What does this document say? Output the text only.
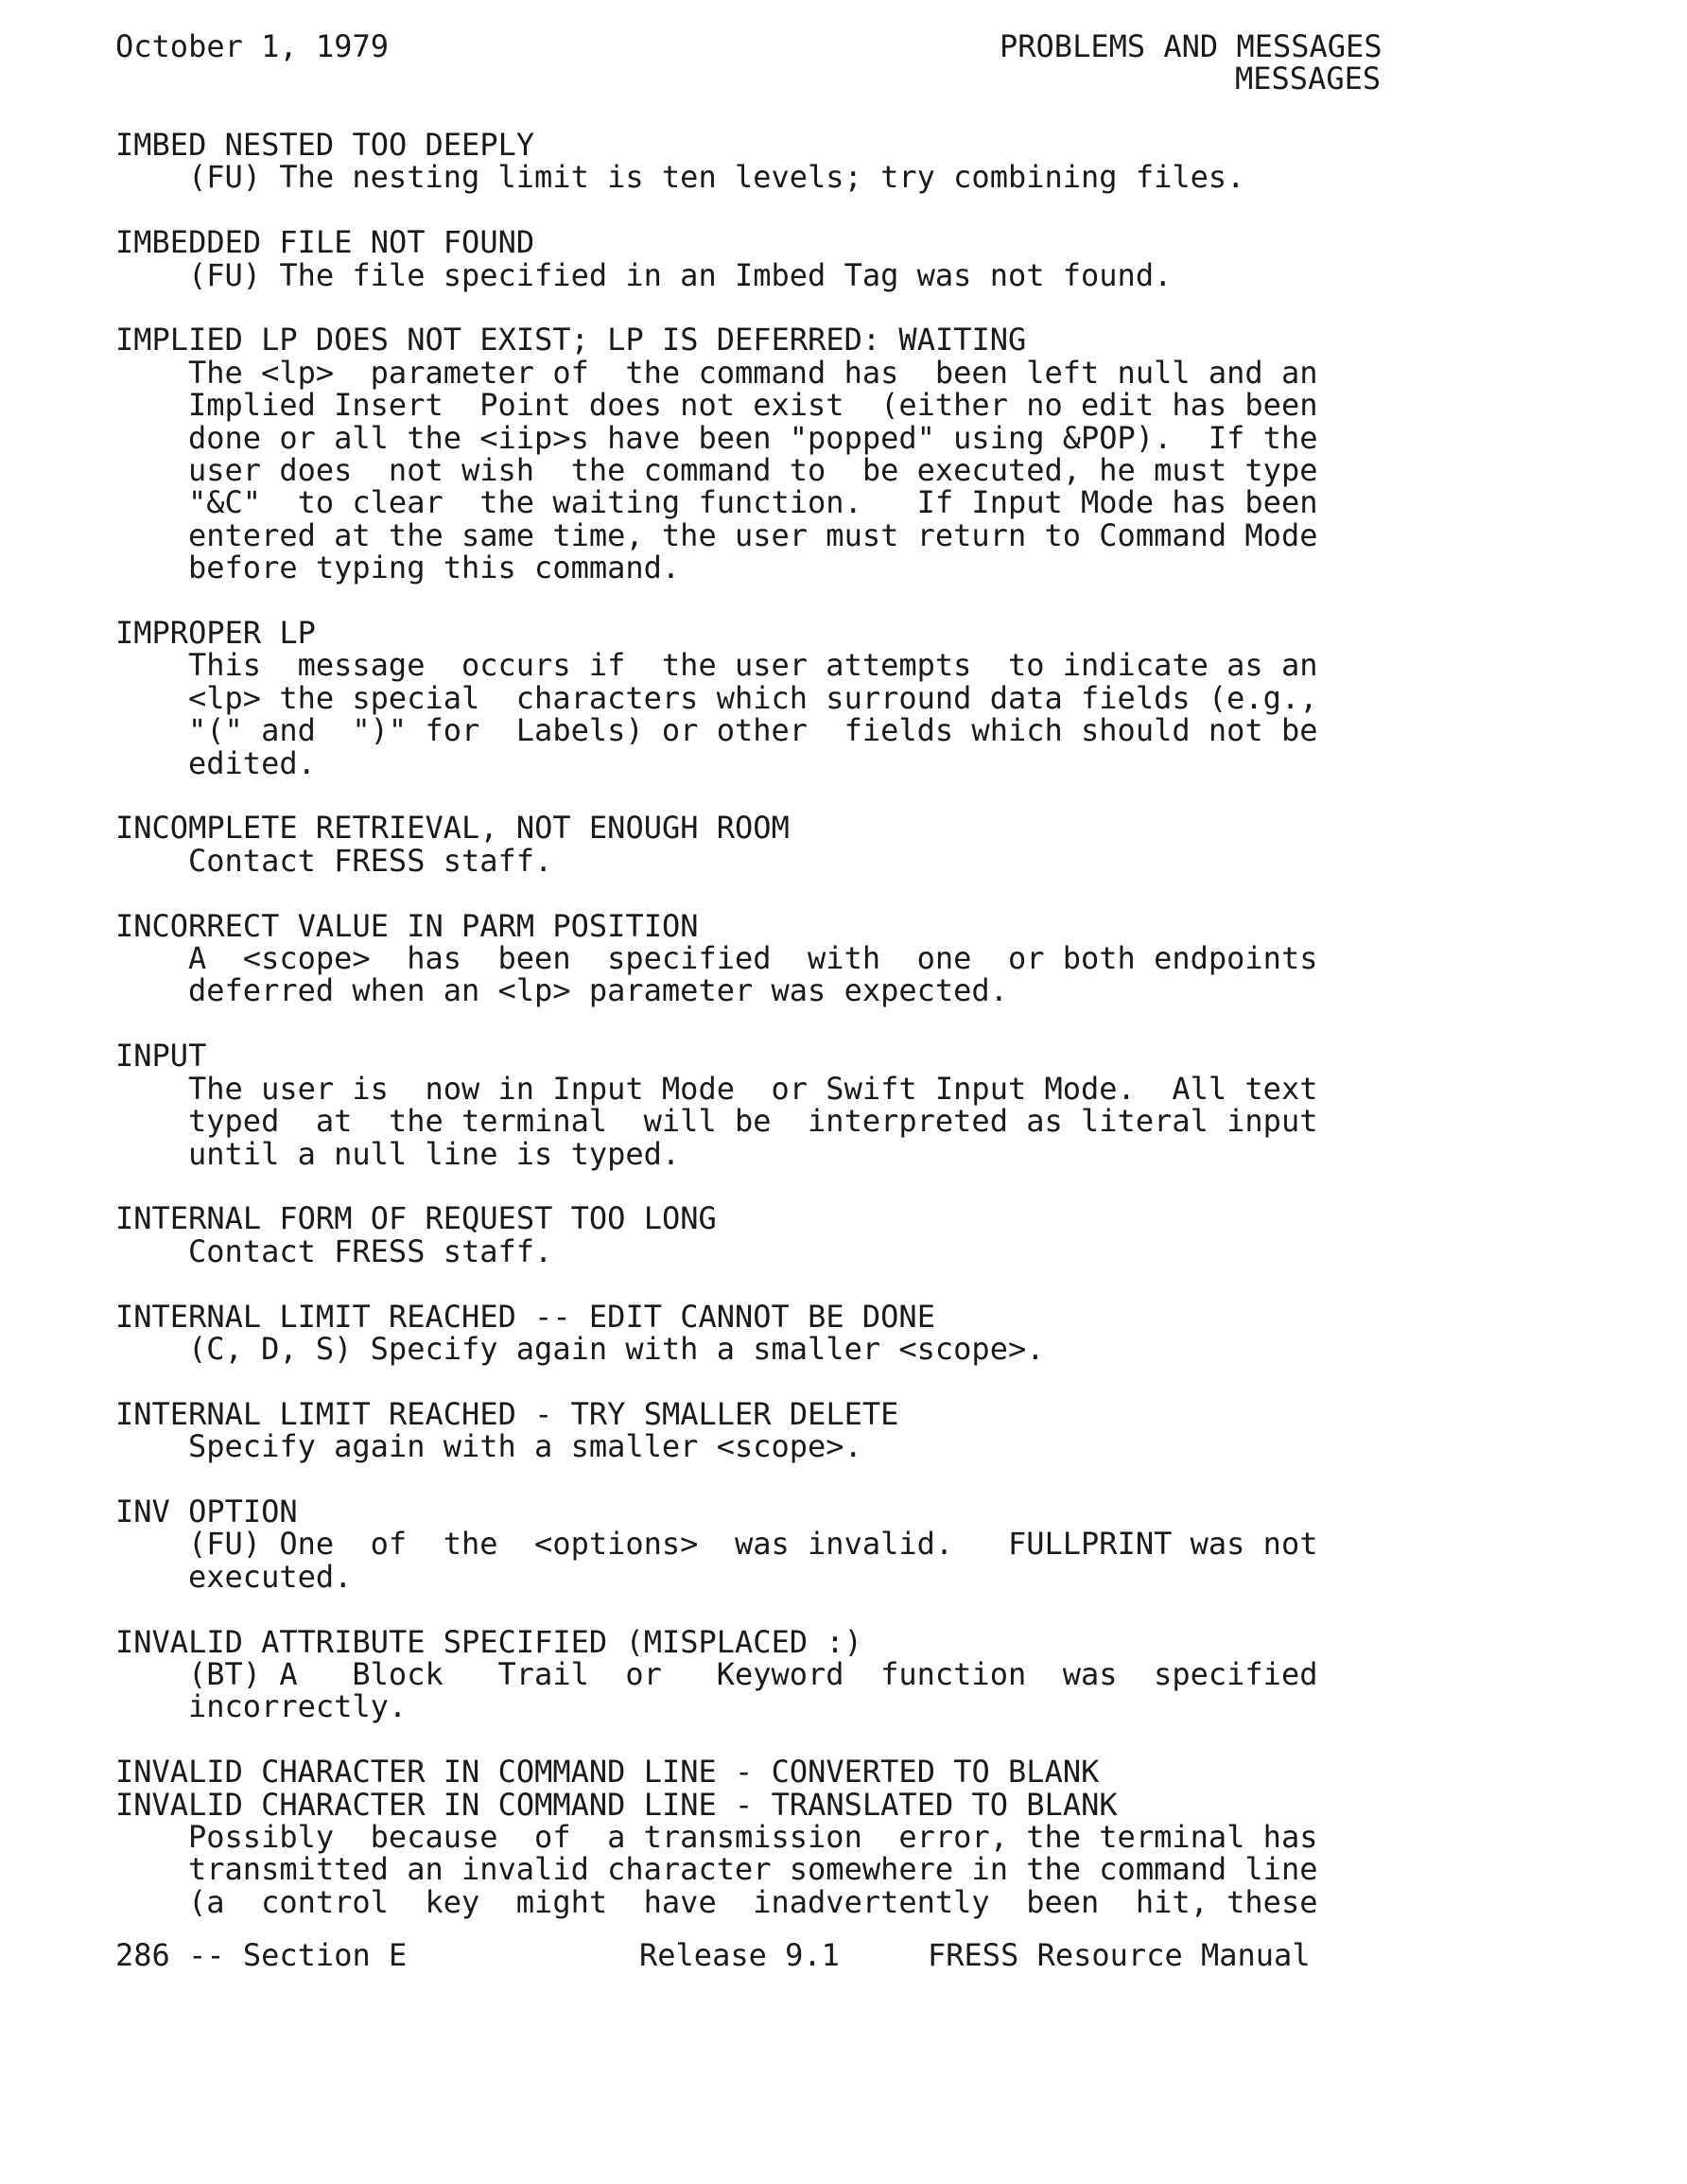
October 1, 1979	PROBLEMS AND MESSAGES

MESSAGES

IMBED NESTED TOO DEEPLY

(FU) The nesting limit is ten levels; try combining files.

IMBEDDED FILE NOT FOUND

(FU) The file specified in an Imbed Tag was not found.

IMPLIED LP DOES NOT EXIST; LP IS DEFERRED: WAITING

The <lp>  parameter of  the command has  been left null and an
Implied Insert  Point does not exist  (either no edit has been
done or all the <iip>s have been "popped" using &POP).  If the
user does  not wish  the command to  be executed, he must type
"&C"  to clear  the waiting function.   If Input Mode has been
entered at the same time, the user must return to Command Mode
before typing this command.

IMPROPER LP

This  message  occurs if  the user attempts  to indicate as an
<lp> the special  characters which surround data fields (e.g.,
"(" and  ")" for  Labels) or other  fields which should not be
edited.

INCOMPLETE RETRIEVAL, NOT ENOUGH ROOM

Contact FRESS staff.

INCORRECT VALUE IN PARM POSITION

A  <scope>  has  been  specified  with  one  or both endpoints
deferred when an <lp> parameter was expected.

INPUT

The user is  now in Input Mode  or Swift Input Mode.  All text
typed  at  the terminal  will be  interpreted as literal input
until a null line is typed.

INTERNAL FORM OF REQUEST TOO LONG

Contact FRESS staff.

INTERNAL LIMIT REACHED -- EDIT CANNOT BE DONE

(C, D, S) Specify again with a smaller <scope>.

INTERNAL LIMIT REACHED - TRY SMALLER DELETE

Specify again with a smaller <scope>.

INV OPTION

(FU) One  of  the  <options>  was invalid.   FULLPRINT was not
executed.

INVALID ATTRIBUTE SPECIFIED (MISPLACED :)

(BT) A   Block   Trail  or   Keyword  function  was  specified
incorrectly.

INVALID CHARACTER IN COMMAND LINE - CONVERTED TO BLANK

INVALID CHARACTER IN COMMAND LINE - TRANSLATED TO BLANK

Possibly  because  of  a transmission  error, the terminal has
transmitted an invalid character somewhere in the command line
(a  control  key  might  have  inadvertently  been  hit, these

286 -- Section E	Release 9.1	FRESS Resource Manual
